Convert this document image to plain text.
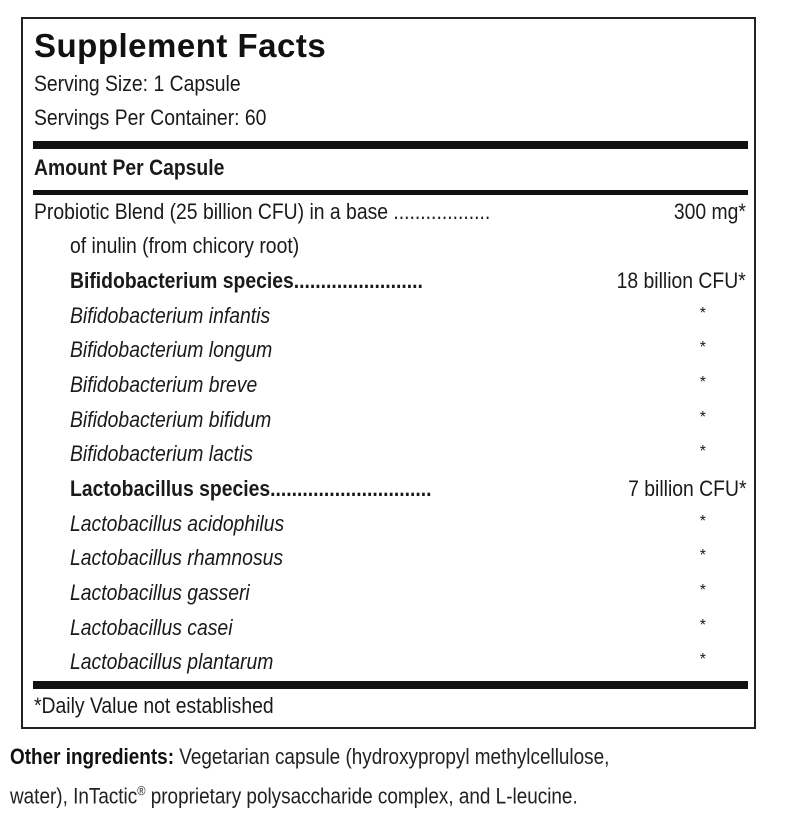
Supplement Facts
Serving Size: 1 Capsule
Servings Per Container: 60
Amount Per Capsule
Probiotic Blend (25 billion CFU) in a base ..................	300 mg*
of inulin (from chicory root)
Bifidobacterium species........................	18 billion CFU*
Bifidobacterium infantis	*
Bifidobacterium longum	*
Bifidobacterium breve	*
Bifidobacterium bifidum	*
Bifidobacterium lactis	*
Lactobacillus species..............................	7 billion CFU*
Lactobacillus acidophilus	*
Lactobacillus rhamnosus	*
Lactobacillus gasseri	*
Lactobacillus casei	*
Lactobacillus plantarum	*
*Daily Value not established
Other ingredients: Vegetarian capsule (hydroxypropyl methylcellulose,
water), InTactic® proprietary polysaccharide complex, and L-leucine.
